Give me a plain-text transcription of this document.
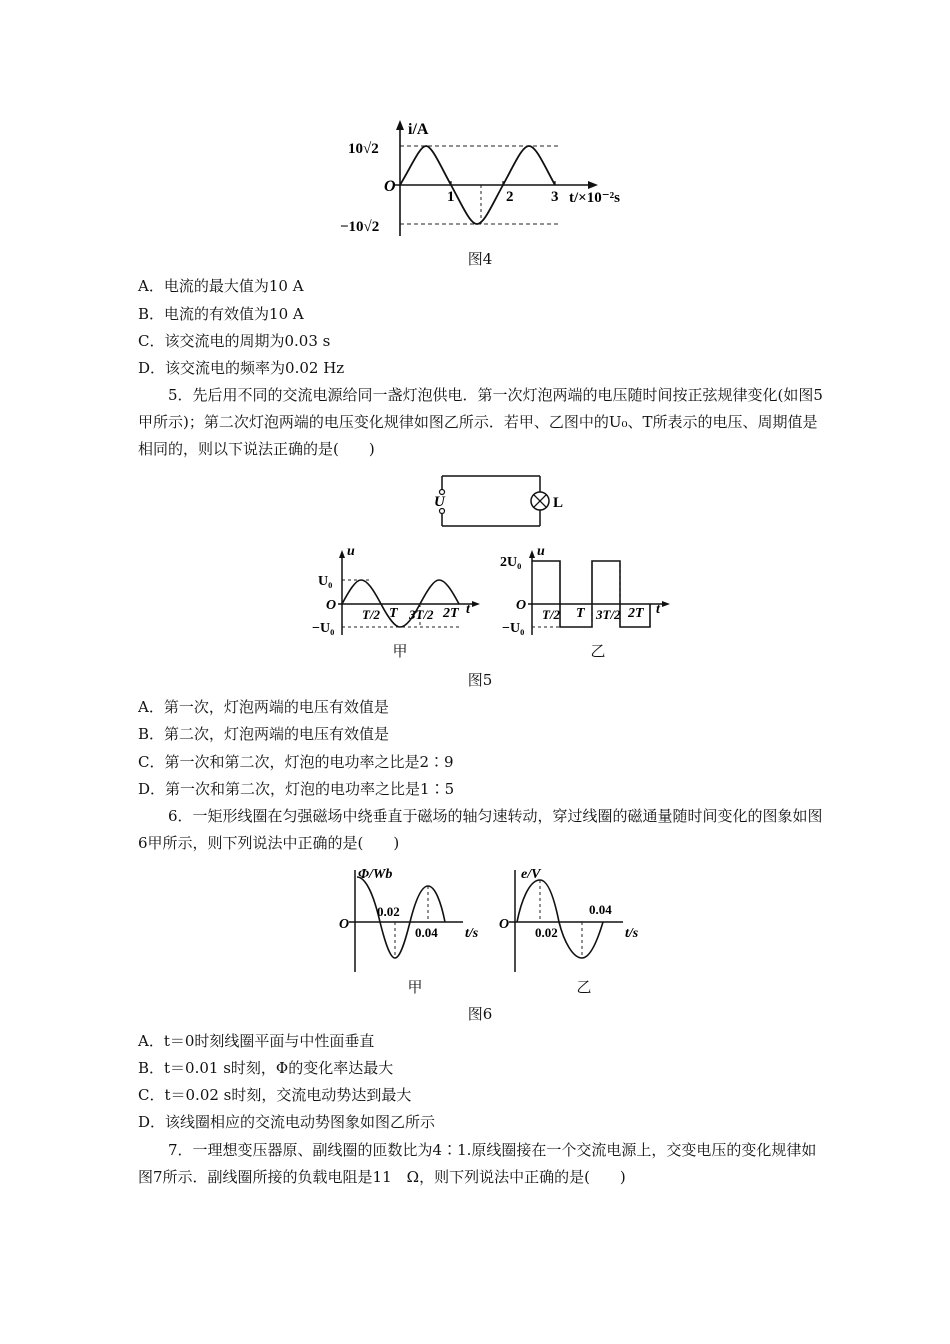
i/A
10√2
−10√2
O
1	2	3 t/×10⁻²s
图4
A．电流的最大值为10 A
B．电流的有效值为10 A
C．该交流电的周期为0.03 s
D．该交流电的频率为0.02 Hz
5．先后用不同的交流电源给同一盏灯泡供电．第一次灯泡两端的电压随时间按正弦规律变化(如图5甲所示)；第二次灯泡两端的电压变化规律如图乙所示．若甲、乙图中的U₀、T所表示的电压、周期值是相同的，则以下说法正确的是(　　)
U	L
u
U₀
O
−U₀
T/2 T 3T/2 2T t
u
2U₀
O
−U₀
T/2 T 3T/2 2T t
甲	乙
图5
A．第一次，灯泡两端的电压有效值是
B．第二次，灯泡两端的电压有效值是
C．第一次和第二次，灯泡的电功率之比是2∶9
D．第一次和第二次，灯泡的电功率之比是1∶5
6．一矩形线圈在匀强磁场中绕垂直于磁场的轴匀速转动，穿过线圈的磁通量随时间变化的图象如图6甲所示，则下列说法中正确的是(　　)
Φ/Wb
O
0.02
0.04 t/s
e/V
O
0.02
0.04
t/s
甲	乙
图6
A．t＝0时刻线圈平面与中性面垂直
B．t＝0.01 s时刻，Φ的变化率达最大
C．t＝0.02 s时刻，交流电动势达到最大
D．该线圈相应的交流电动势图象如图乙所示
7．一理想变压器原、副线圈的匝数比为4∶1.原线圈接在一个交流电源上，交变电压的变化规律如图7所示．副线圈所接的负载电阻是11　Ω，则下列说法中正确的是(　　)
